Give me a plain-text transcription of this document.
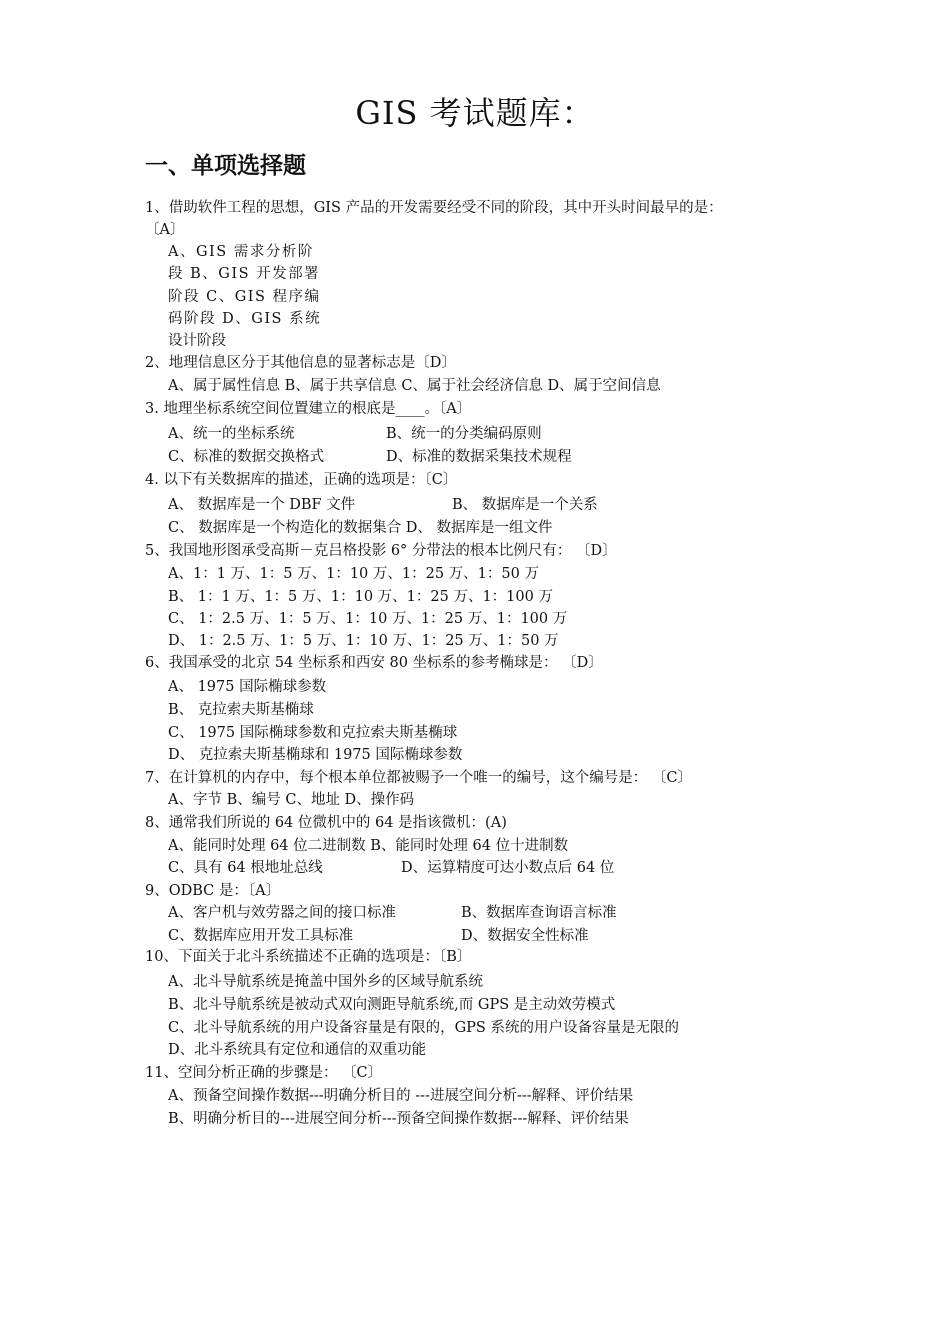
GIS 考试题库：
一、单项选择题
1、借助软件工程的思想，GIS 产品的开发需要经受不同的阶段，其中开头时间最早的是：
〔A〕
A、GIS 需求分析阶
段 B、GIS 开发部署
阶段 C、GIS 程序编
码阶段 D、GIS 系统
设计阶段
2、地理信息区分于其他信息的显著标志是〔D〕
A、属于属性信息 B、属于共享信息 C、属于社会经济信息 D、属于空间信息
3. 地理坐标系统空间位置建立的根底是____。〔A〕
A、统一的坐标系统	B、统一的分类编码原则
C、标准的数据交换格式	D、标准的数据采集技术规程
4. 以下有关数据库的描述，正确的选项是：〔C〕
A、 数据库是一个 DBF 文件	B、 数据库是一个关系
C、 数据库是一个构造化的数据集合 D、 数据库是一组文件
5、我国地形图承受高斯－克吕格投影 6° 分带法的根本比例尺有： 〔D〕
A、1：1 万、1：5 万、1：10 万、1：25 万、1：50 万
B、 1：1 万、1：5 万、1：10 万、1：25 万、1：100 万
C、 1：2.5 万、1：5 万、1：10 万、1：25 万、1：100 万
D、 1：2.5 万、1：5 万、1：10 万、1：25 万、1：50 万
6、我国承受的北京 54 坐标系和西安 80 坐标系的参考椭球是： 〔D〕
A、 1975 国际椭球参数
B、 克拉索夫斯基椭球
C、 1975 国际椭球参数和克拉索夫斯基椭球
D、 克拉索夫斯基椭球和 1975 国际椭球参数
7、在计算机的内存中，每个根本单位都被赐予一个唯一的编号，这个编号是： 〔C〕
A、字节 B、编号 C、地址 D、操作码
8、通常我们所说的 64 位微机中的 64 是指该微机：(A)
A、能同时处理 64 位二进制数 B、能同时处理 64 位十进制数
C、具有 64 根地址总线	D、运算精度可达小数点后 64 位
9、ODBC 是：〔A〕
A、客户机与效劳器之间的接口标准	B、数据库查询语言标准
C、数据库应用开发工具标准	D、数据安全性标准
10、下面关于北斗系统描述不正确的选项是：〔B〕
A、北斗导航系统是掩盖中国外乡的区域导航系统
B、北斗导航系统是被动式双向测距导航系统,而 GPS 是主动效劳模式
C、北斗导航系统的用户设备容量是有限的，GPS 系统的用户设备容量是无限的
D、北斗系统具有定位和通信的双重功能
11、空间分析正确的步骤是： 〔C〕
A、预备空间操作数据---明确分析目的 ---进展空间分析---解释、评价结果
B、明确分析目的---进展空间分析---预备空间操作数据---解释、评价结果
